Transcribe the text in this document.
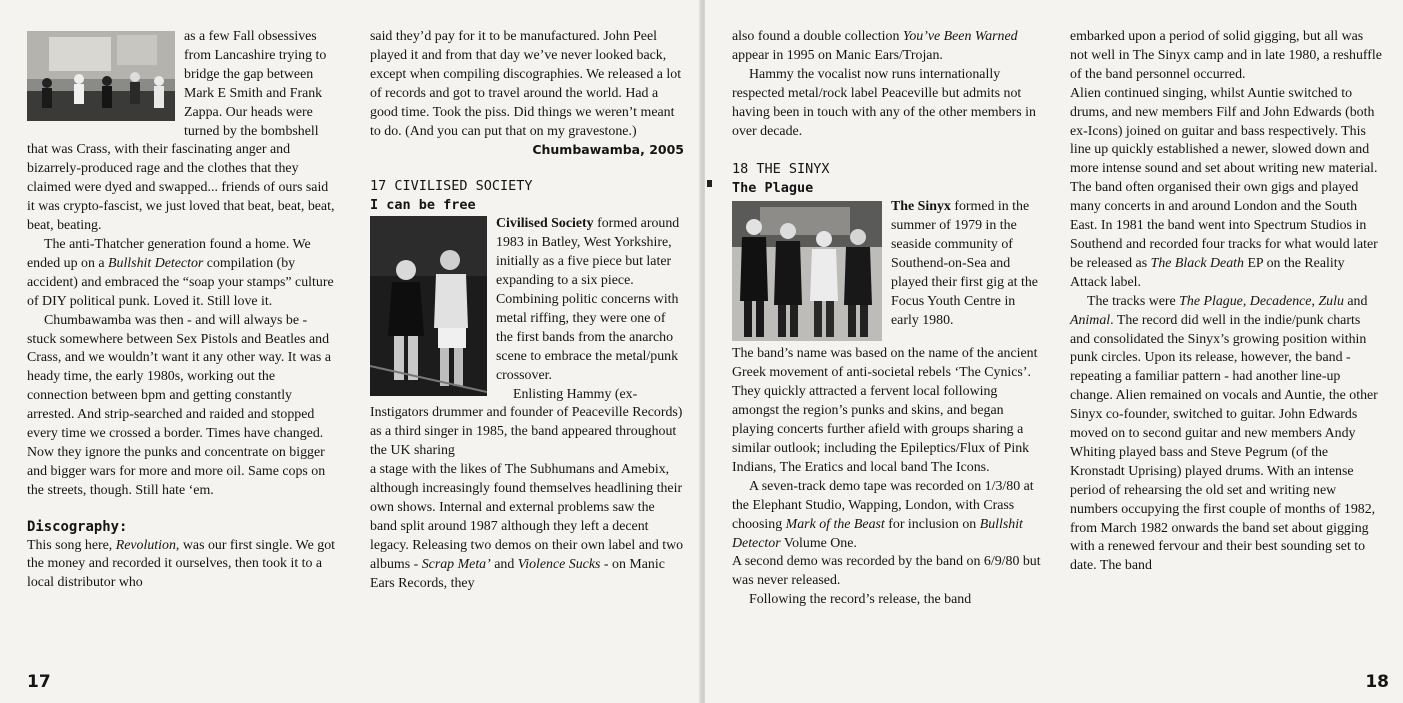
as a few Fall obsessives from Lancashire trying to bridge the gap between Mark E Smith and Frank Zappa. Our heads were turned by the bombshell that was Crass, with their fascinating anger and bizarrely-produced rage and the clothes that they claimed were dyed and swapped... friends of ours said it was crypto-fascist, we just loved that beat, beat, beat, beat, beating.

The anti-Thatcher generation found a home. We ended up on a Bullshit Detector compilation (by accident) and embraced the “soap your stamps” culture of DIY political punk. Loved it. Still love it.

Chumbawamba was then - and will always be - stuck somewhere between Sex Pistols and Beatles and Crass, and we wouldn’t want it any other way. It was a heady time, the early 1980s, working out the connection between bpm and getting constantly arrested. And strip-searched and raided and stopped every time we crossed a border. Times have changed. Now they ignore the punks and concentrate on bigger and bigger wars for more and more oil. Same cops on the streets, though. Still hate ‘em.

Discography:

This song here, Revolution, was our first single. We got the money and recorded it ourselves, then took it to a local distributor who

said they’d pay for it to be manufactured. John Peel played it and from that day we’ve never looked back, except when compiling discographies. We released a lot of records and got to travel around the world. Had a good time. Took the piss. Did things we weren’t meant to do. (And you can put that on my gravestone.)
Chumbawamba, 2005

17 CIVILISED SOCIETY

I can be free

Civilised Society formed around 1983 in Batley, West Yorkshire, initially as a five piece but later expanding to a six piece. Combining politic concerns with metal riffing, they were one of the first bands from the anarcho scene to embrace the metal/punk crossover.

Enlisting Hammy (ex-Instigators drummer and founder of Peaceville Records) as a third singer in 1985, the band appeared throughout the UK sharing

a stage with the likes of The Subhumans and Amebix, although increasingly found themselves headlining their own shows. Internal and external problems saw the band split around 1987 although they left a decent legacy. Releasing two demos on their own label and two albums - Scrap Meta’ and Violence Sucks - on Manic Ears Records, they

17

also found a double collection You’ve Been Warned appear in 1995 on Manic Ears/Trojan.

Hammy the vocalist now runs internationally respected metal/rock label Peaceville but admits not having been in touch with any of the other members in over decade.

18 THE SINYX

The Plague

The Sinyx formed in the summer of 1979 in the seaside community of Southend-on-Sea and played their first gig at the Focus Youth Centre in early 1980.

The band’s name was based on the name of the ancient Greek movement of anti-societal rebels ‘The Cynics’. They quickly attracted a fervent local following amongst the region’s punks and skins, and began playing concerts further afield with groups sharing a similar outlook; including the Epileptics/Flux of Pink Indians, The Eratics and local band The Icons.

A seven-track demo tape was recorded on 1/3/80 at the Elephant Studio, Wapping, London, with Crass choosing Mark of the Beast for inclusion on Bullshit Detector Volume One.

A second demo was recorded by the band on 6/9/80 but was never released.

Following the record’s release, the band

embarked upon a period of solid gigging, but all was not well in The Sinyx camp and in late 1980, a reshuffle of the band personnel occurred.

Alien continued singing, whilst Auntie switched to drums, and new members Filf and John Edwards (both ex-Icons) joined on guitar and bass respectively. This line up quickly established a newer, slowed down and more intense sound and set about writing new material. The band often organised their own gigs and played many concerts in and around London and the South East. In 1981 the band went into Spectrum Studios in Southend and recorded four tracks for what would later be released as The Black Death EP on the Reality Attack label.

The tracks were The Plague, Decadence, Zulu and Animal. The record did well in the indie/punk charts and consolidated the Sinyx’s growing position within punk circles. Upon its release, however, the band - repeating a familiar pattern - had another line-up change. Alien remained on vocals and Auntie, the other Sinyx co-founder, switched to guitar. John Edwards moved on to second guitar and new members Andy Whiting played bass and Steve Pegrum (of the Kronstadt Uprising) played drums. With an intense period of rehearsing the old set and writing new numbers occupying the first couple of months of 1982, from March 1982 onwards the band set about gigging with a renewed fervour and their best sounding set to date. The band

18
